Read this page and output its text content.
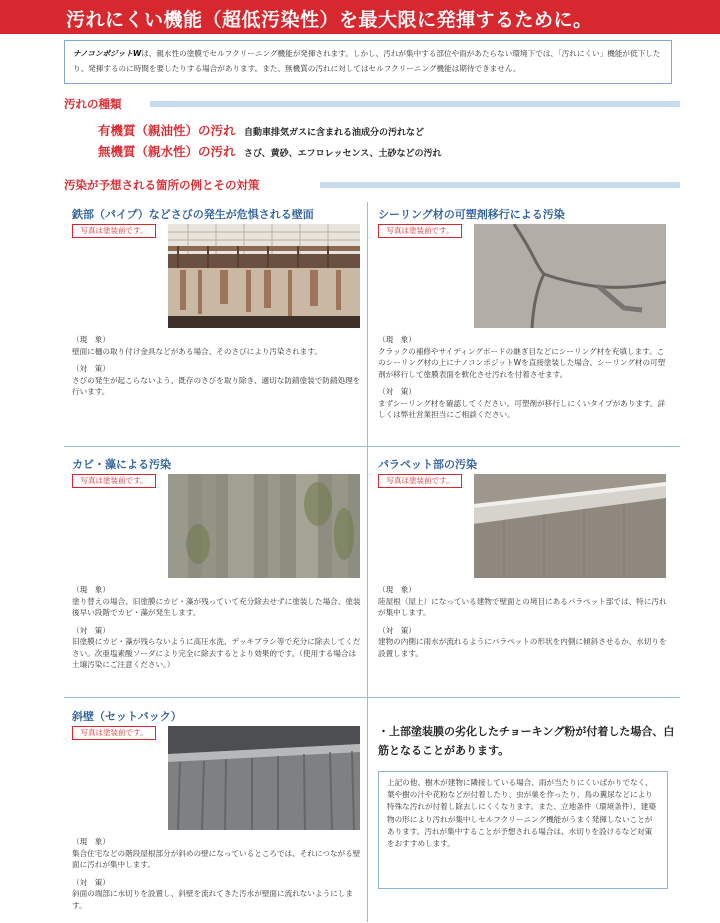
汚れにくい機能（超低汚染性）を最大限に発揮するために。
ナノコンポジットWは、親水性の塗膜でセルフクリーニング機能が発揮されます。しかし、汚れが集中する部位や雨があたらない環境下では、「汚れにくい」機能が低下したり、発揮するのに時間を要したりする場合があります。また、無機質の汚れに対してはセルフクリーニング機能は期待できません。
汚れの種類
有機質（親油性）の汚れ 自動車排気ガスに含まれる油成分の汚れなど
無機質（親水性）の汚れ さび、黄砂、エフロレッセンス、土砂などの汚れ
汚染が予想される箇所の例とその対策
鉄部（パイプ）などさびの発生が危惧される壁面
写真は塗装前です。
（現　象）
壁面に樋の取り付け金具などがある場合、そのさびにより汚染されます。
（対　策）
さびの発生が起こらないよう、既存のさびを取り除き、適切な防錆塗装で防錆処理を行います。
シーリング材の可塑剤移行による汚染
写真は塗装前です。
（現　象）
クラックの補修やサイディングボードの継ぎ目などにシーリング材を充填します。このシーリング材の上にナノコンポジットWを直接塗装した場合、シーリング材の可塑剤が移行して塗膜表面を軟化させ汚れを付着させます。
（対　策）
まずシーリング材を確認してください。可塑剤が移行しにくいタイプがあります。詳しくは弊社営業担当にご相談ください。
カビ・藻による汚染
写真は塗装前です。
（現　象）
塗り替えの場合、旧塗膜にカビ・藻が残っていて充分除去せずに塗装した場合、塗装後早い段階でカビ・藻が発生します。
（対　策）
旧塗膜にカビ・藻が残らないように高圧水洗、デッキブラシ等で充分に除去してください。次亜塩素酸ソーダにより完全に除去するとより効果的です。（使用する場合は土壌汚染にご注意ください。）
パラペット部の汚染
写真は塗装前です。
（現　象）
陸屋根（屋上）になっている建物で壁面との境目にあるパラペット部では、特に汚れが集中します。
（対　策）
建物の内側に雨水が流れるようにパラペットの形状を内側に傾斜させるか、水切りを設置します。
斜壁（セットバック）
写真は塗装前です。
（現　象）
集合住宅などの階段屋根部分が斜めの壁になっているところでは、それにつながる壁面に汚れが集中します。
（対　策）
斜面の端部に水切りを設置し、斜壁を流れてきた汚水が壁面に流れないようにします。
・上部塗装膜の劣化したチョーキング粉が付着した場合、白筋となることがあります。
上記の他、樹木が建物に隣接している場合、雨が当たりにくいばかりでなく、葉や樹の汁や花粉などが付着したり、虫が巣を作ったり、鳥の糞尿などにより特殊な汚れが付着し除去しにくくなります。また、立地条件（環境条件）、建築物の形により汚れが集中しセルフクリーニング機能がうまく発揮しないことがあります。汚れが集中することが予想される場合は、水切りを設けるなど対策をおすすめします。
